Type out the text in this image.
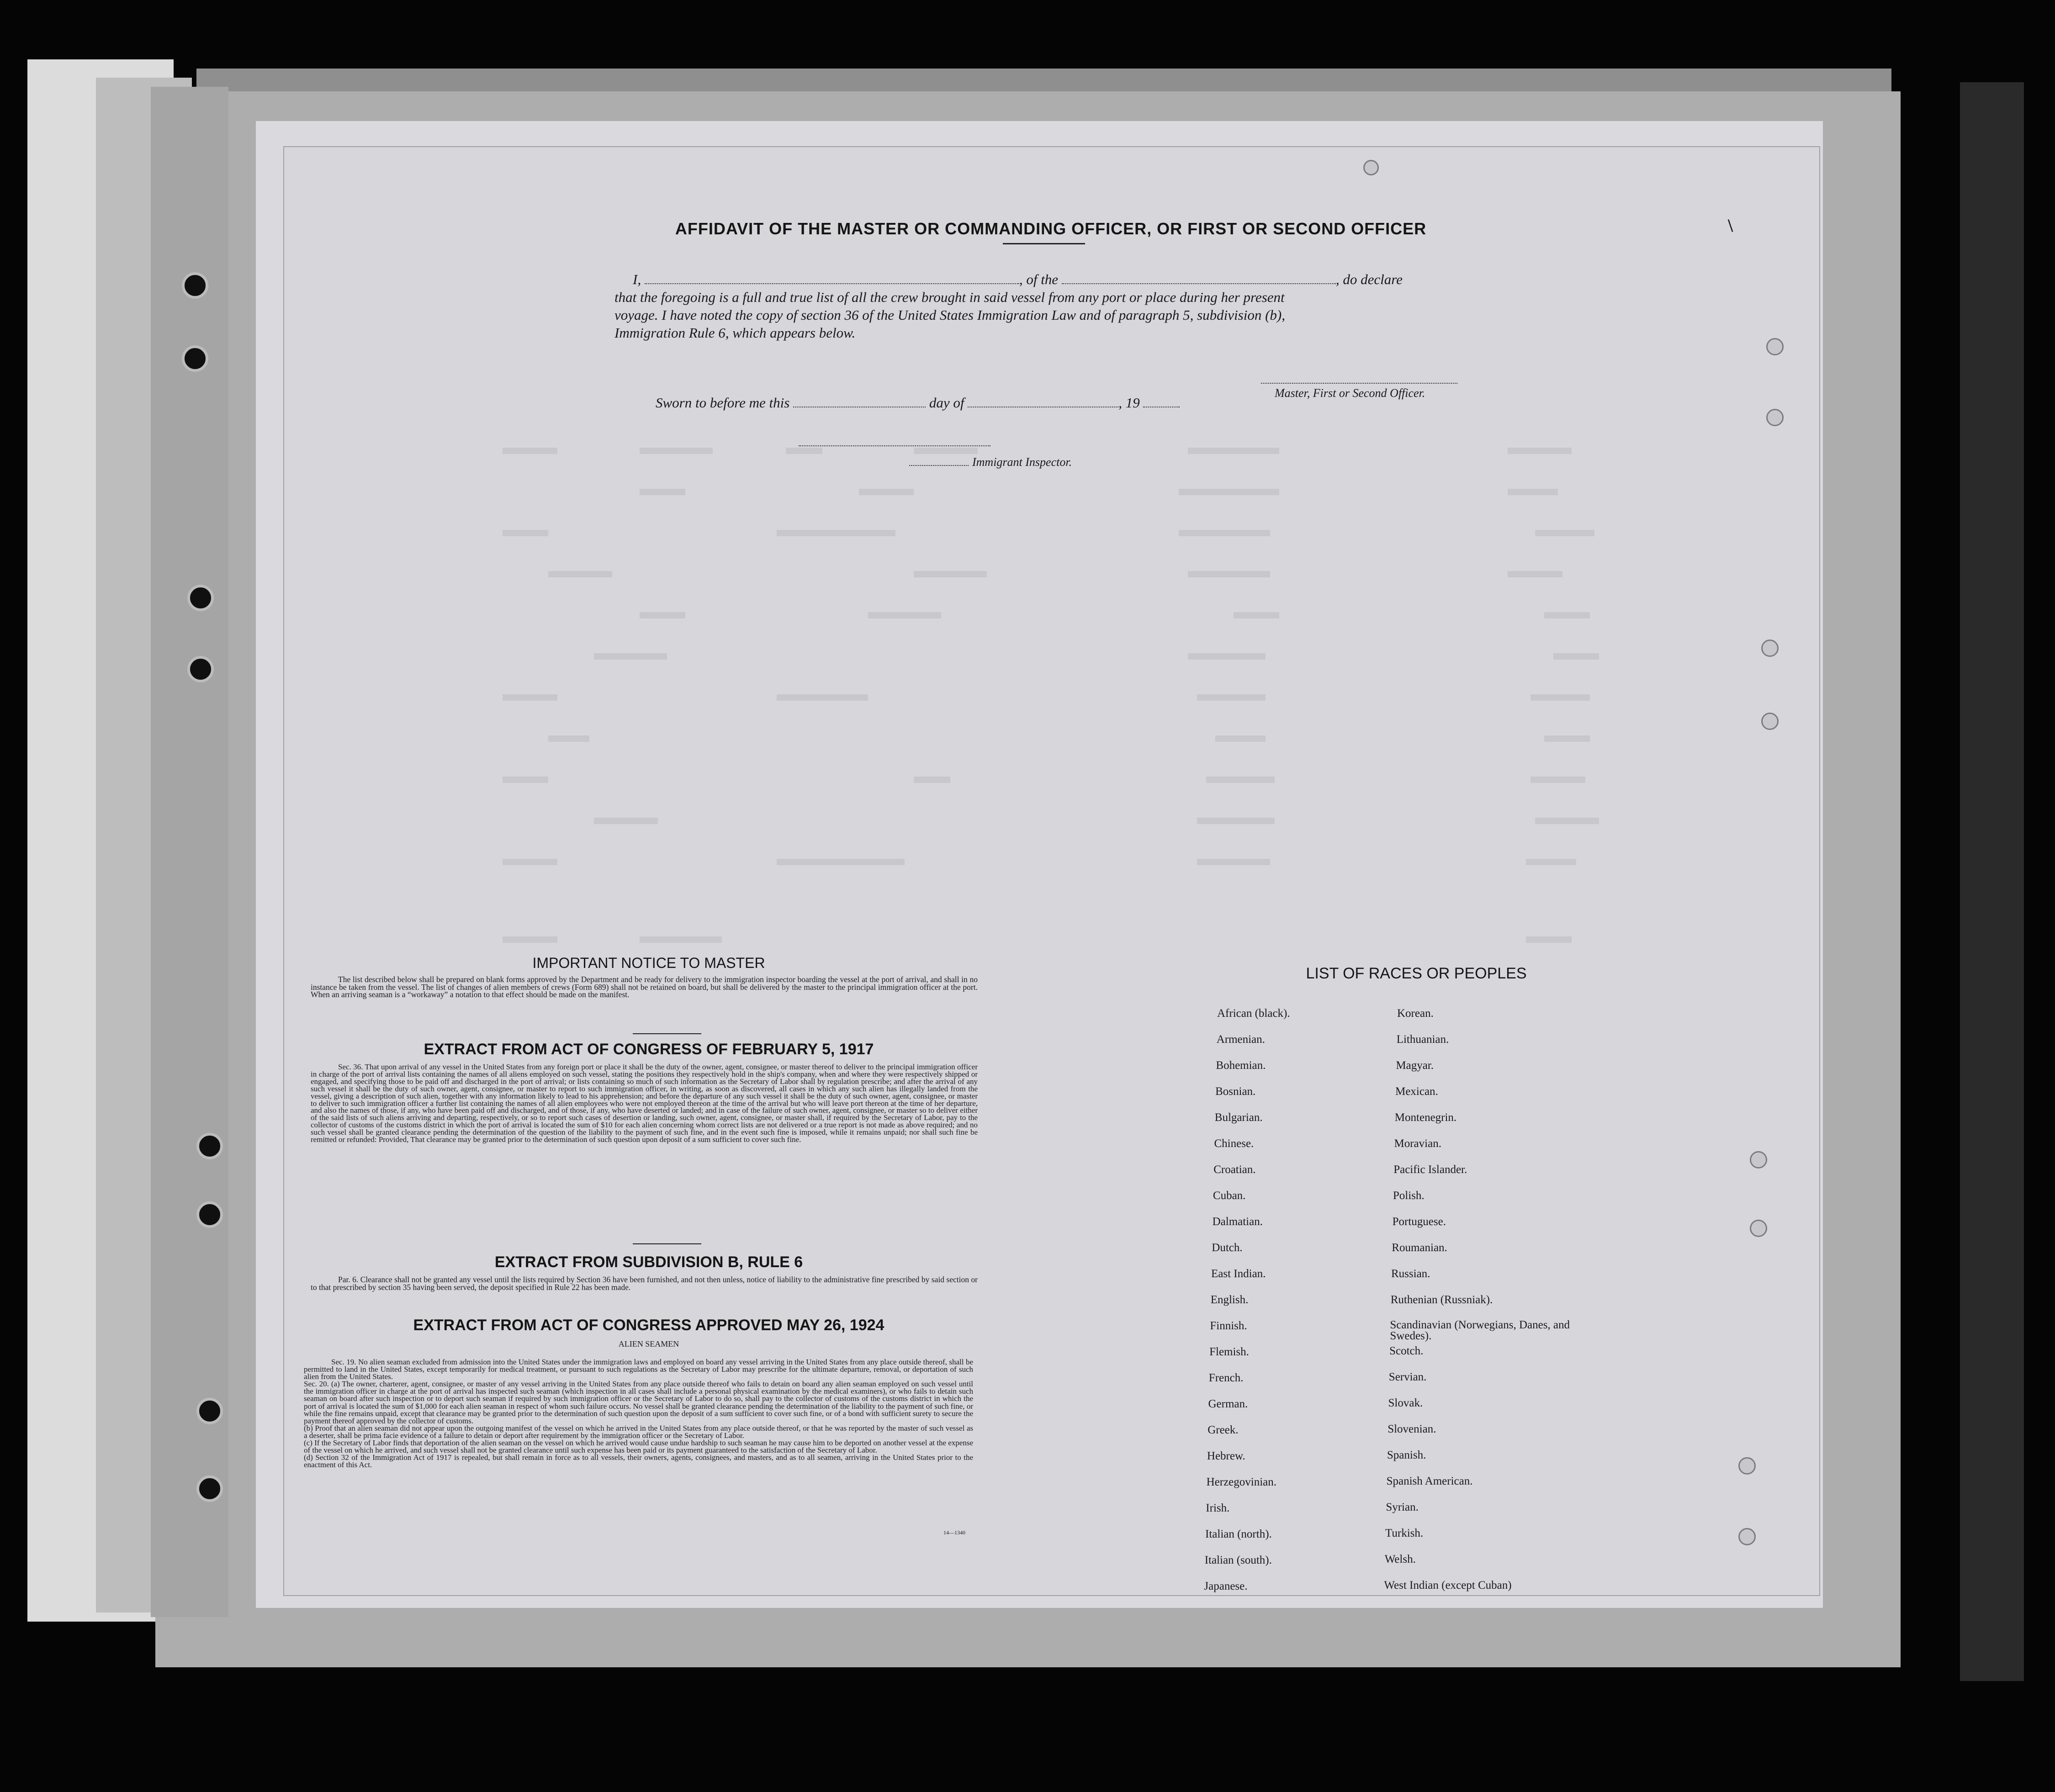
AFFIDAVIT OF THE MASTER OR COMMANDING OFFICER, OR FIRST OR SECOND OFFICER	\
I,	, of the	, do declare
that the foregoing is a full and true list of all the crew brought in said vessel from any port or place during her present
voyage. I have noted the copy of section 36 of the United States Immigration Law and of paragraph 5, subdivision (b),
Immigration Rule 6, which appears below.
Master, First or Second Officer.
Sworn to before me this	day of	, 19
Immigrant Inspector.
IMPORTANT NOTICE TO MASTER
The list described below shall be prepared on blank forms approved by the Department and be ready for delivery to the immigration inspector boarding the vessel at the port of arrival, and shall in no instance be taken from the vessel. The list of changes of alien members of crews (Form 689) shall not be retained on board, but shall be delivered by the master to the principal immigration officer at the port. When an arriving seaman is a “workaway” a notation to that effect should be made on the manifest.
EXTRACT FROM ACT OF CONGRESS OF FEBRUARY 5, 1917
Sec. 36. That upon arrival of any vessel in the United States from any foreign port or place it shall be the duty of the owner, agent, consignee, or master thereof to deliver to the principal immigration officer in charge of the port of arrival lists containing the names of all aliens employed on such vessel, stating the positions they respectively hold in the ship's company, when and where they were respectively shipped or engaged, and specifying those to be paid off and discharged in the port of arrival; or lists containing so much of such information as the Secretary of Labor shall by regulation prescribe; and after the arrival of any such vessel it shall be the duty of such owner, agent, consignee, or master to report to such immigration officer, in writing, as soon as discovered, all cases in which any such alien has illegally landed from the vessel, giving a description of such alien, together with any information likely to lead to his apprehension; and before the departure of any such vessel it shall be the duty of such owner, agent, consignee, or master to deliver to such immigration officer a further list containing the names of all alien employees who were not employed thereon at the time of the arrival but who will leave port thereon at the time of her departure, and also the names of those, if any, who have been paid off and discharged, and of those, if any, who have deserted or landed; and in case of the failure of such owner, agent, consignee, or master so to deliver either of the said lists of such aliens arriving and departing, respectively, or so to report such cases of desertion or landing, such owner, agent, consignee, or master shall, if required by the Secretary of Labor, pay to the collector of customs of the customs district in which the port of arrival is located the sum of $10 for each alien concerning whom correct lists are not delivered or a true report is not made as above required; and no such vessel shall be granted clearance pending the determination of the question of the liability to the payment of such fine, and in the event such fine is imposed, while it remains unpaid; nor shall such fine be remitted or refunded: Provided, That clearance may be granted prior to the determination of such question upon deposit of a sum sufficient to cover such fine.
EXTRACT FROM SUBDIVISION B, RULE 6
Par. 6. Clearance shall not be granted any vessel until the lists required by Section 36 have been furnished, and not then unless, notice of liability to the administrative fine prescribed by said section or to that prescribed by section 35 having been served, the deposit specified in Rule 22 has been made.
EXTRACT FROM ACT OF CONGRESS APPROVED MAY 26, 1924
ALIEN SEAMEN
Sec. 19. No alien seaman excluded from admission into the United States under the immigration laws and employed on board any vessel arriving in the United States from any place outside thereof, shall be permitted to land in the United States, except temporarily for medical treatment, or pursuant to such regulations as the Secretary of Labor may prescribe for the ultimate departure, removal, or deportation of such alien from the United States.
Sec. 20. (a) The owner, charterer, agent, consignee, or master of any vessel arriving in the United States from any place outside thereof who fails to detain on board any alien seaman employed on such vessel until the immigration officer in charge at the port of arrival has inspected such seaman (which inspection in all cases shall include a personal physical examination by the medical examiners), or who fails to detain such seaman on board after such inspection or to deport such seaman if required by such immigration officer or the Secretary of Labor to do so, shall pay to the collector of customs of the customs district in which the port of arrival is located the sum of $1,000 for each alien seaman in respect of whom such failure occurs. No vessel shall be granted clearance pending the determination of the liability to the payment of such fine, or while the fine remains unpaid, except that clearance may be granted prior to the determination of such question upon the deposit of a sum sufficient to cover such fine, or of a bond with sufficient surety to secure the payment thereof approved by the collector of customs.
(b) Proof that an alien seaman did not appear upon the outgoing manifest of the vessel on which he arrived in the United States from any place outside thereof, or that he was reported by the master of such vessel as a deserter, shall be prima facie evidence of a failure to detain or deport after requirement by the immigration officer or the Secretary of Labor.
(c) If the Secretary of Labor finds that deportation of the alien seaman on the vessel on which he arrived would cause undue hardship to such seaman he may cause him to be deported on another vessel at the expense of the vessel on which he arrived, and such vessel shall not be granted clearance until such expense has been paid or its payment guaranteed to the satisfaction of the Secretary of Labor.
(d) Section 32 of the Immigration Act of 1917 is repealed, but shall remain in force as to all vessels, their owners, agents, consignees, and masters, and as to all seamen, arriving in the United States prior to the enactment of this Act.
14—1340
LIST OF RACES OR PEOPLES
African (black).
Armenian.
Bohemian.
Bosnian.
Bulgarian.
Chinese.
Croatian.
Cuban.
Dalmatian.
Dutch.
East Indian.
English.
Finnish.
Flemish.
French.
German.
Greek.
Hebrew.
Herzegovinian.
Irish.
Italian (north).
Italian (south).
Japanese.
Korean.
Lithuanian.
Magyar.
Mexican.
Montenegrin.
Moravian.
Pacific Islander.
Polish.
Portuguese.
Roumanian.
Russian.
Ruthenian (Russniak).
Scandinavian (Norwegians, Danes, and Swedes).
Scotch.
Servian.
Slovak.
Slovenian.
Spanish.
Spanish American.
Syrian.
Turkish.
Welsh.
West Indian (except Cuban)
